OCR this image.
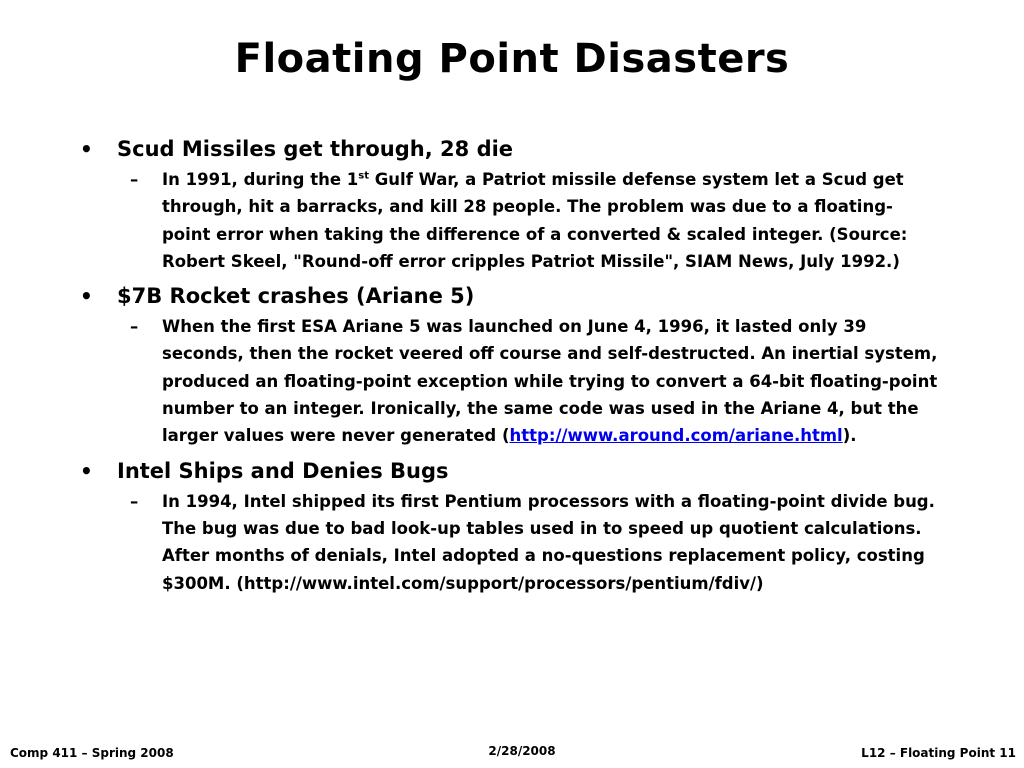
Floating Point Disasters
• Scud Missiles get through, 28 die
– In 1991, during the 1st Gulf War, a Patriot missile defense system let a Scud get through, hit a barracks, and kill 28 people. The problem was due to a floating-point error when taking the difference of a converted & scaled integer. (Source: Robert Skeel, "Round-off error cripples Patriot Missile", SIAM News, July 1992.)
• $7B Rocket crashes (Ariane 5)
– When the first ESA Ariane 5 was launched on June 4, 1996, it lasted only 39 seconds, then the rocket veered off course and self-destructed. An inertial system, produced an floating-point exception while trying to convert a 64-bit floating-point number to an integer. Ironically, the same code was used in the Ariane 4, but the larger values were never generated (http://www.around.com/ariane.html).
• Intel Ships and Denies Bugs
– In 1994, Intel shipped its first Pentium processors with a floating-point divide bug. The bug was due to bad look-up tables used in to speed up quotient calculations. After months of denials, Intel adopted a no-questions replacement policy, costing $300M. (http://www.intel.com/support/processors/pentium/fdiv/)
Comp 411 – Spring 2008	2/28/2008	L12 – Floating Point 11
